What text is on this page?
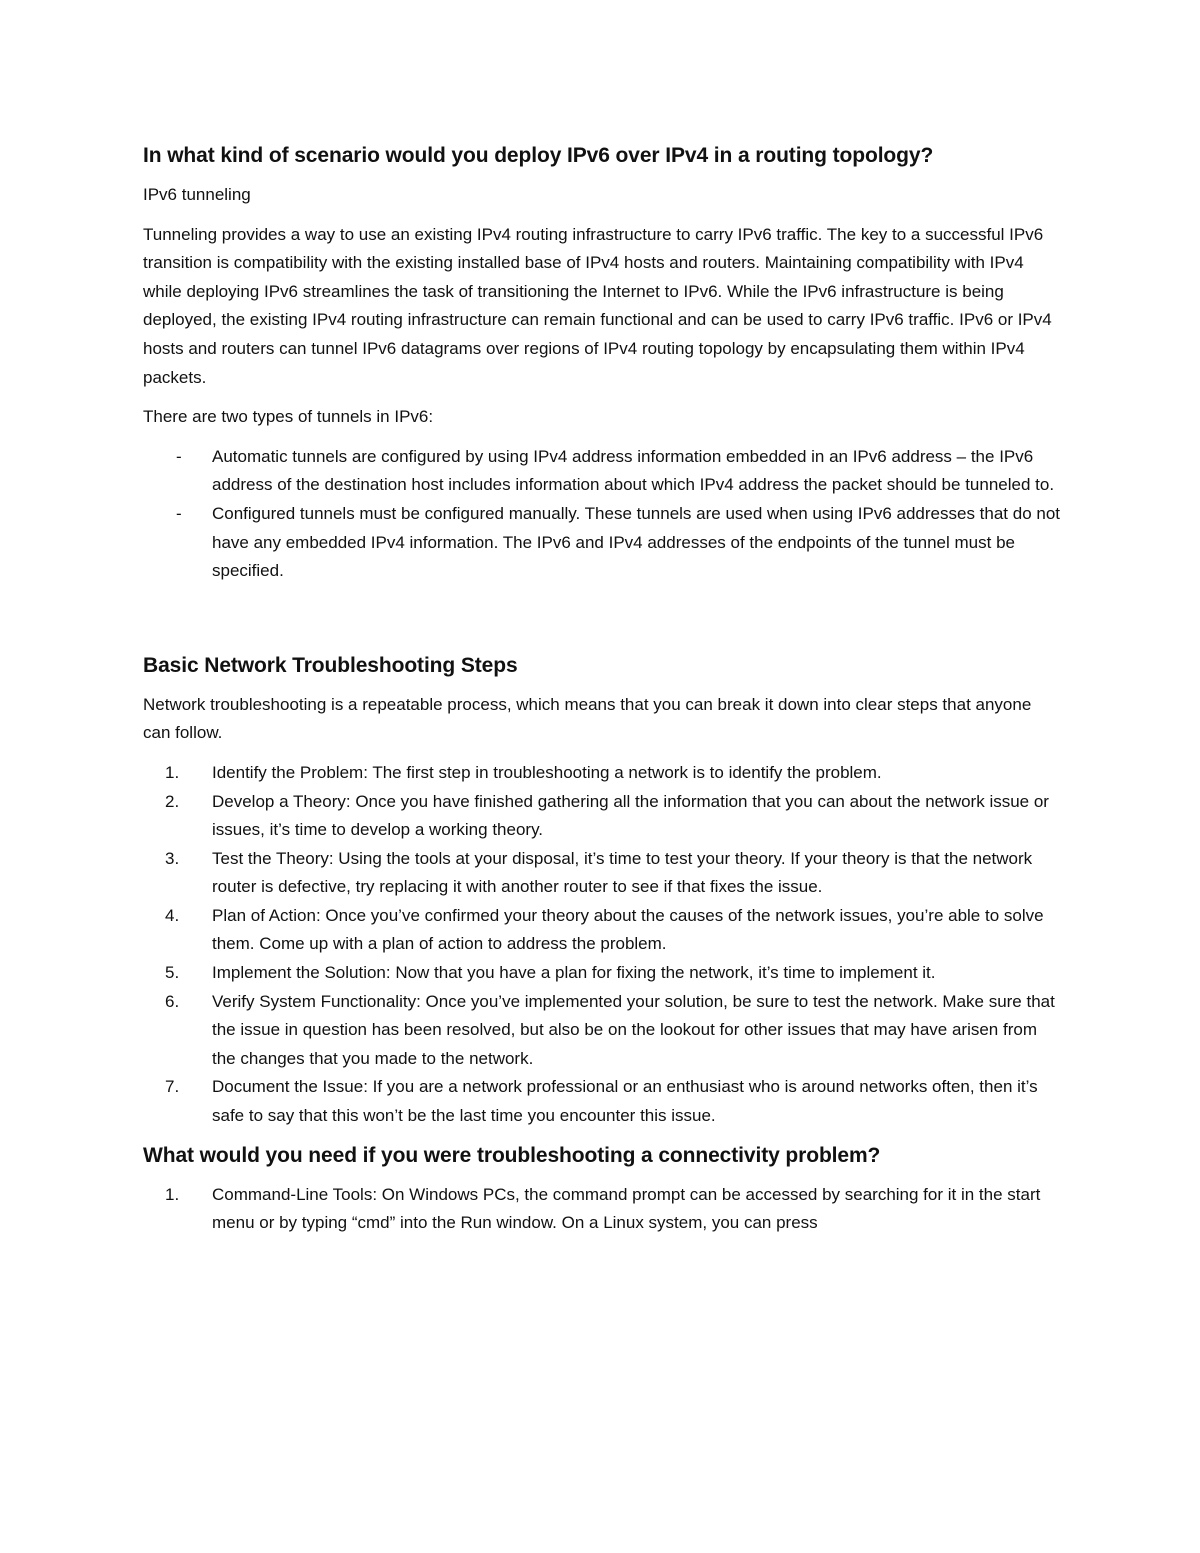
In what kind of scenario would you deploy IPv6 over IPv4 in a routing topology?

IPv6 tunneling

Tunneling provides a way to use an existing IPv4 routing infrastructure to carry IPv6 traffic. The key to a successful IPv6 transition is compatibility with the existing installed base of IPv4 hosts and routers. Maintaining compatibility with IPv4 while deploying IPv6 streamlines the task of transitioning the Internet to IPv6. While the IPv6 infrastructure is being deployed, the existing IPv4 routing infrastructure can remain functional and can be used to carry IPv6 traffic. IPv6 or IPv4 hosts and routers can tunnel IPv6 datagrams over regions of IPv4 routing topology by encapsulating them within IPv4 packets.

There are two types of tunnels in IPv6:

- Automatic tunnels are configured by using IPv4 address information embedded in an IPv6 address – the IPv6 address of the destination host includes information about which IPv4 address the packet should be tunneled to.
- Configured tunnels must be configured manually. These tunnels are used when using IPv6 addresses that do not have any embedded IPv4 information. The IPv6 and IPv4 addresses of the endpoints of the tunnel must be specified.
Basic Network Troubleshooting Steps

Network troubleshooting is a repeatable process, which means that you can break it down into clear steps that anyone can follow.

1. Identify the Problem: The first step in troubleshooting a network is to identify the problem.
2. Develop a Theory: Once you have finished gathering all the information that you can about the network issue or issues, it’s time to develop a working theory.
3. Test the Theory: Using the tools at your disposal, it’s time to test your theory. If your theory is that the network router is defective, try replacing it with another router to see if that fixes the issue.
4. Plan of Action: Once you’ve confirmed your theory about the causes of the network issues, you’re able to solve them. Come up with a plan of action to address the problem.
5. Implement the Solution: Now that you have a plan for fixing the network, it’s time to implement it.
6. Verify System Functionality: Once you’ve implemented your solution, be sure to test the network. Make sure that the issue in question has been resolved, but also be on the lookout for other issues that may have arisen from the changes that you made to the network.
7. Document the Issue: If you are a network professional or an enthusiast who is around networks often, then it’s safe to say that this won’t be the last time you encounter this issue.
What would you need if you were troubleshooting a connectivity problem?
1. Command-Line Tools: On Windows PCs, the command prompt can be accessed by searching for it in the start menu or by typing “cmd” into the Run window. On a Linux system, you can press
